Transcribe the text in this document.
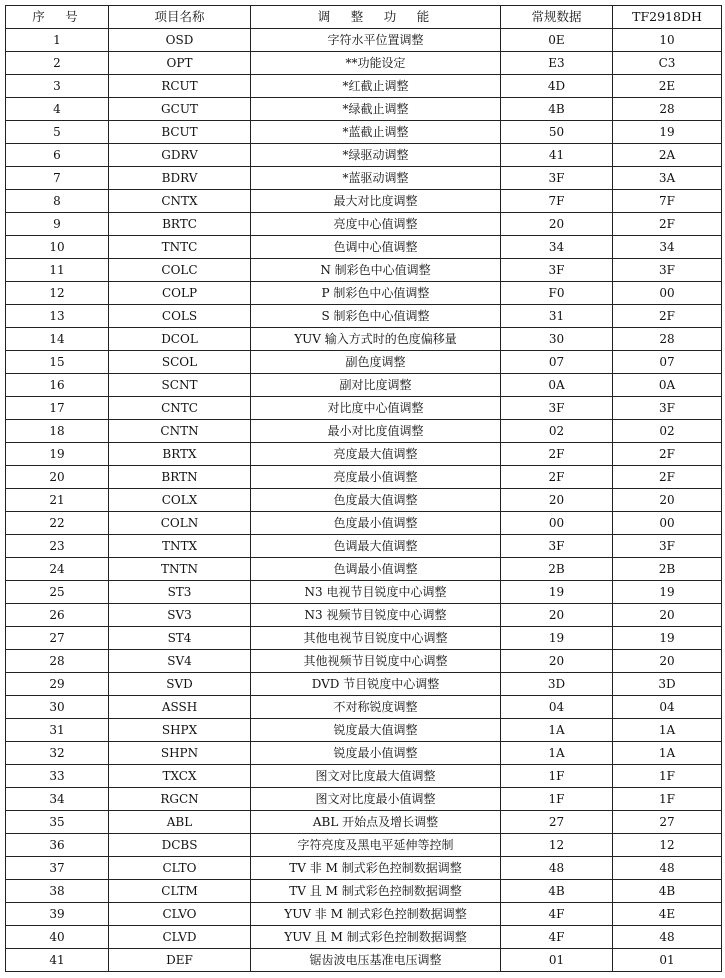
序　号	项目名称	调　整　功　能	常规数据	TF2918DH
1	OSD	字符水平位置调整	0E	10
2	OPT	**功能设定	E3	C3
3	RCUT	*红截止调整	4D	2E
4	GCUT	*绿截止调整	4B	28
5	BCUT	*蓝截止调整	50	19
6	GDRV	*绿驱动调整	41	2A
7	BDRV	*蓝驱动调整	3F	3A
8	CNTX	最大对比度调整	7F	7F
9	BRTC	亮度中心值调整	20	2F
10	TNTC	色调中心值调整	34	34
11	COLC	N 制彩色中心值调整	3F	3F
12	COLP	P 制彩色中心值调整	F0	00
13	COLS	S 制彩色中心值调整	31	2F
14	DCOL	YUV 输入方式时的色度偏移量	30	28
15	SCOL	副色度调整	07	07
16	SCNT	副对比度调整	0A	0A
17	CNTC	对比度中心值调整	3F	3F
18	CNTN	最小对比度值调整	02	02
19	BRTX	亮度最大值调整	2F	2F
20	BRTN	亮度最小值调整	2F	2F
21	COLX	色度最大值调整	20	20
22	COLN	色度最小值调整	00	00
23	TNTX	色调最大值调整	3F	3F
24	TNTN	色调最小值调整	2B	2B
25	ST3	N3 电视节目锐度中心调整	19	19
26	SV3	N3 视频节目锐度中心调整	20	20
27	ST4	其他电视节目锐度中心调整	19	19
28	SV4	其他视频节目锐度中心调整	20	20
29	SVD	DVD 节目锐度中心调整	3D	3D
30	ASSH	不对称锐度调整	04	04
31	SHPX	锐度最大值调整	1A	1A
32	SHPN	锐度最小值调整	1A	1A
33	TXCX	图文对比度最大值调整	1F	1F
34	RGCN	图文对比度最小值调整	1F	1F
35	ABL	ABL 开始点及增长调整	27	27
36	DCBS	字符亮度及黑电平延伸等控制	12	12
37	CLTO	TV 非 M 制式彩色控制数据调整	48	48
38	CLTM	TV 且 M 制式彩色控制数据调整	4B	4B
39	CLVO	YUV 非 M 制式彩色控制数据调整	4F	4E
40	CLVD	YUV 且 M 制式彩色控制数据调整	4F	48
41	DEF	锯齿波电压基准电压调整	01	01
